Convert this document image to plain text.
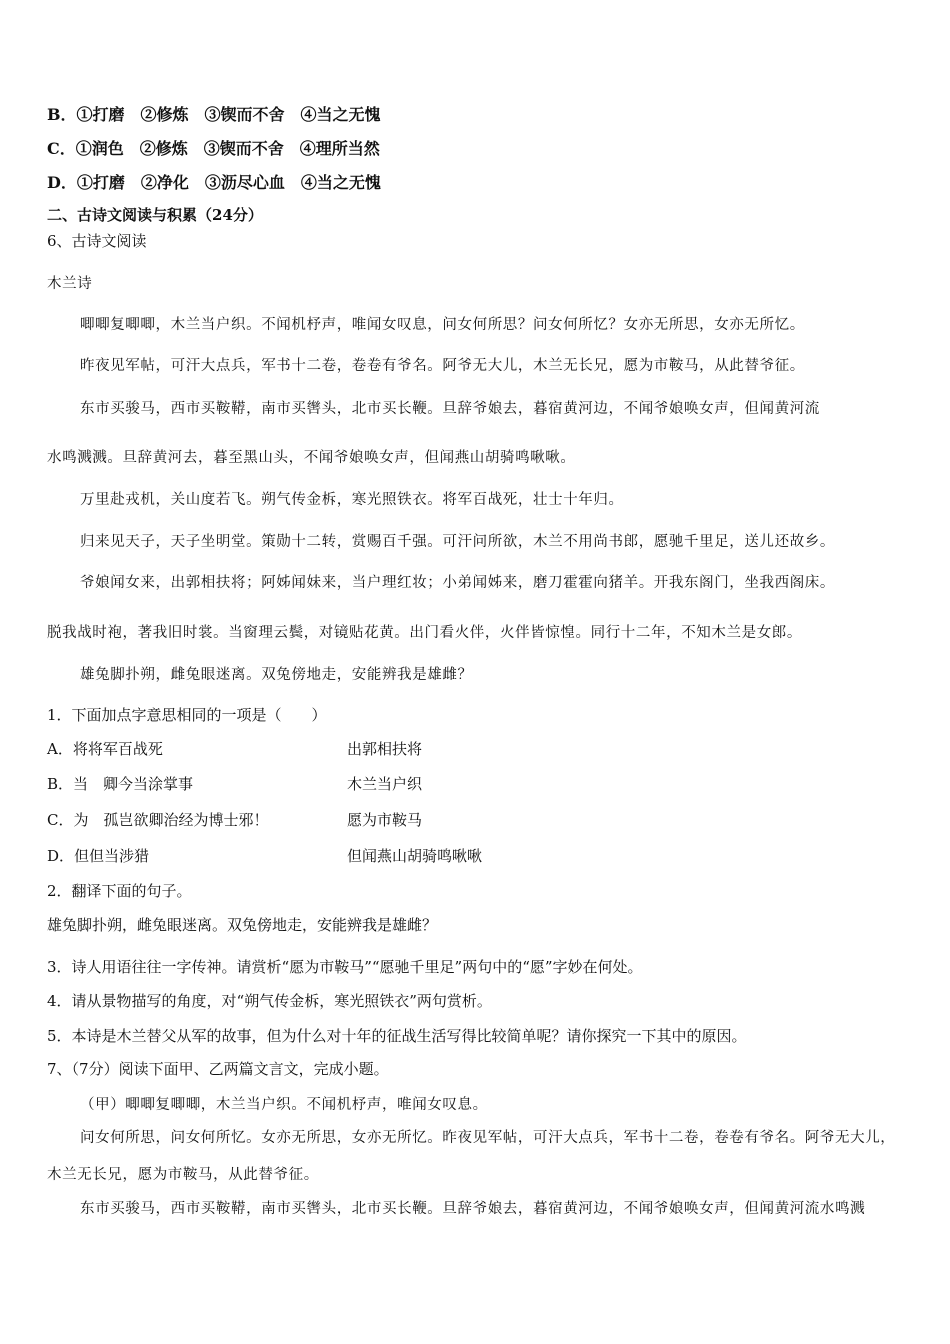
B．①打磨　②修炼　③锲而不舍　④当之无愧
C．①润色　②修炼　③锲而不舍　④理所当然
D．①打磨　②净化　③沥尽心血　④当之无愧
二、古诗文阅读与积累（24分）
6、古诗文阅读
木兰诗
唧唧复唧唧，木兰当户织。不闻机杼声，唯闻女叹息，问女何所思？问女何所忆？女亦无所思，女亦无所忆。
昨夜见军帖，可汗大点兵，军书十二卷，卷卷有爷名。阿爷无大儿，木兰无长兄，愿为市鞍马，从此替爷征。
东市买骏马，西市买鞍鞯，南市买辔头，北市买长鞭。旦辞爷娘去，暮宿黄河边，不闻爷娘唤女声，但闻黄河流
水鸣溅溅。旦辞黄河去，暮至黑山头，不闻爷娘唤女声，但闻燕山胡骑鸣啾啾。
万里赴戎机，关山度若飞。朔气传金柝，寒光照铁衣。将军百战死，壮士十年归。
归来见天子，天子坐明堂。策勋十二转，赏赐百千强。可汗问所欲，木兰不用尚书郎，愿驰千里足，送儿还故乡。
爷娘闻女来，出郭相扶将；阿姊闻妹来，当户理红妆；小弟闻姊来，磨刀霍霍向猪羊。开我东阁门，坐我西阁床。
脱我战时袍，著我旧时裳。当窗理云鬓，对镜贴花黄。出门看火伴，火伴皆惊惶。同行十二年，不知木兰是女郎。
雄兔脚扑朔，雌兔眼迷离。双兔傍地走，安能辨我是雄雌？
1．下面加点字意思相同的一项是（　　）
A．将将军百战死	出郭相扶将
B．当　卿今当涂掌事	木兰当户织
C．为　孤岂欲卿治经为博士邪！	愿为市鞍马
D．但但当涉猎	但闻燕山胡骑鸣啾啾
2．翻译下面的句子。
雄兔脚扑朔，雌兔眼迷离。双兔傍地走，安能辨我是雄雌？
3．诗人用语往往一字传神。请赏析“愿为市鞍马”“愿驰千里足”两句中的“愿”字妙在何处。
4．请从景物描写的角度，对“朔气传金柝，寒光照铁衣”两句赏析。
5．本诗是木兰替父从军的故事，但为什么对十年的征战生活写得比较简单呢？请你探究一下其中的原因。
7、（7分）阅读下面甲、乙两篇文言文，完成小题。
（甲）唧唧复唧唧，木兰当户织。不闻机杼声，唯闻女叹息。
问女何所思，问女何所忆。女亦无所思，女亦无所忆。昨夜见军帖，可汗大点兵，军书十二卷，卷卷有爷名。阿爷无大儿，
木兰无长兄，愿为市鞍马，从此替爷征。
东市买骏马，西市买鞍鞯，南市买辔头，北市买长鞭。旦辞爷娘去，暮宿黄河边，不闻爷娘唤女声，但闻黄河流水鸣溅
